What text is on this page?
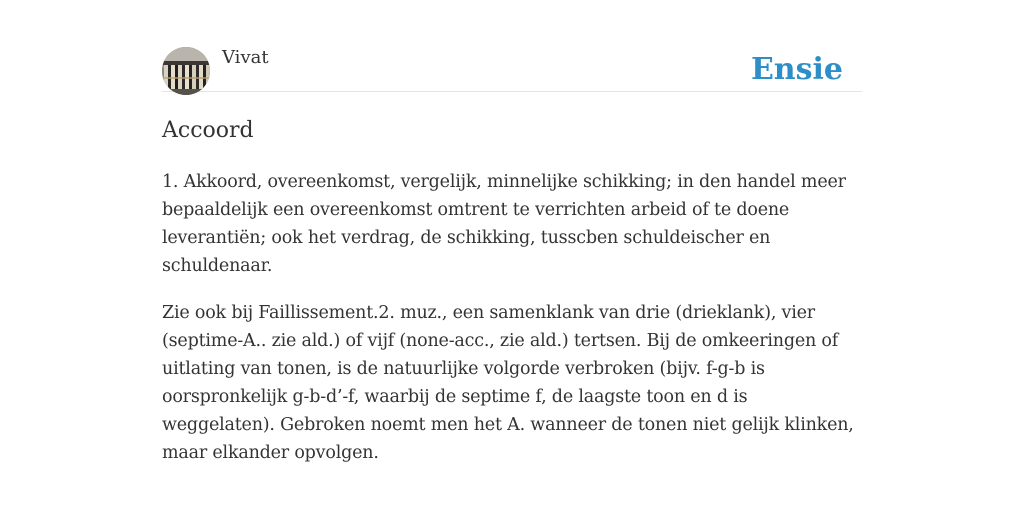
Vivat	Ensie
Accoord

1. Akkoord, overeenkomst, vergelijk, minnelijke schikking; in den handel meer bepaaldelijk een overeenkomst omtrent te verrichten arbeid of te doene leverantiën; ook het verdrag, de schikking, tusscben schuldeischer en schuldenaar.

Zie ook bij Faillissement.2. muz., een samenklank van drie (drieklank), vier (septime-A.. zie ald.) of vijf (none-acc., zie ald.) tertsen. Bij de omkeeringen of uitlating van tonen, is de natuurlijke volgorde verbroken (bijv. f-g-b is oorspronkelijk g-b-d’-f, waarbij de septime f, de laagste toon en d is weggelaten). Gebroken noemt men het A. wanneer de tonen niet gelijk klinken, maar elkander opvolgen.
